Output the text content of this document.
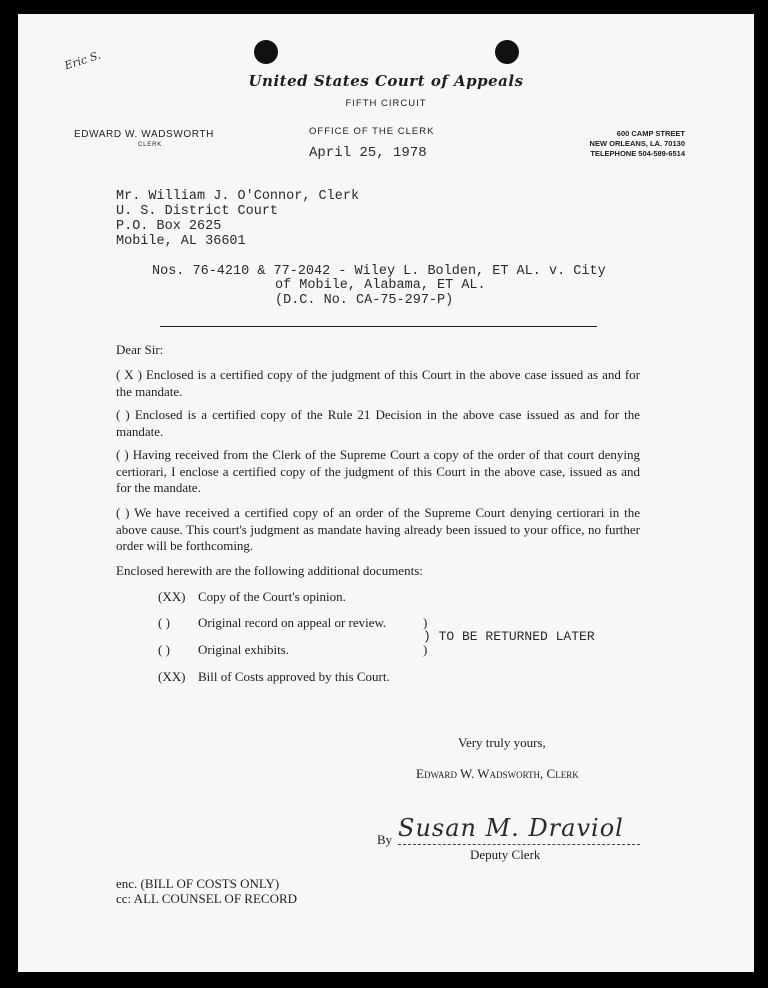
Eric S.

United States Court of Appeals

FIFTH CIRCUIT

EDWARD W. WADSWORTH

CLERK

OFFICE OF THE CLERK

April 25, 1978

600 CAMP STREET

NEW ORLEANS, LA. 70130

TELEPHONE 504-589-6514

Mr. William J. O'Connor, Clerk

U. S. District Court

P.O. Box 2625

Mobile, AL 36601

Nos. 76-4210 & 77-2042 - Wiley L. Bolden, ET AL. v. City

of Mobile, Alabama, ET AL.

(D.C. No. CA-75-297-P)

Dear Sir:

( X ) Enclosed is a certified copy of the judgment of this Court in the above case issued as and for the mandate.

( ) Enclosed is a certified copy of the Rule 21 Decision in the above case issued as and for the mandate.

( ) Having received from the Clerk of the Supreme Court a copy of the order of that court denying certiorari, I enclose a certified copy of the judgment of this Court in the above case, issued as and for the mandate.

( ) We have received a certified copy of an order of the Supreme Court denying certiorari in the above cause. This court's judgment as mandate having already been issued to your office, no further order will be forthcoming.

Enclosed herewith are the following additional documents:

(XX) Copy of the Court's opinion.

( ) Original record on appeal or review.	)

) TO BE RETURNED LATER

( ) Original exhibits.	)

(XX) Bill of Costs approved by this Court.

Very truly yours,

Edward W. Wadsworth, Clerk

By Susan M. Draviol

Deputy Clerk

enc. (BILL OF COSTS ONLY)

cc: ALL COUNSEL OF RECORD
